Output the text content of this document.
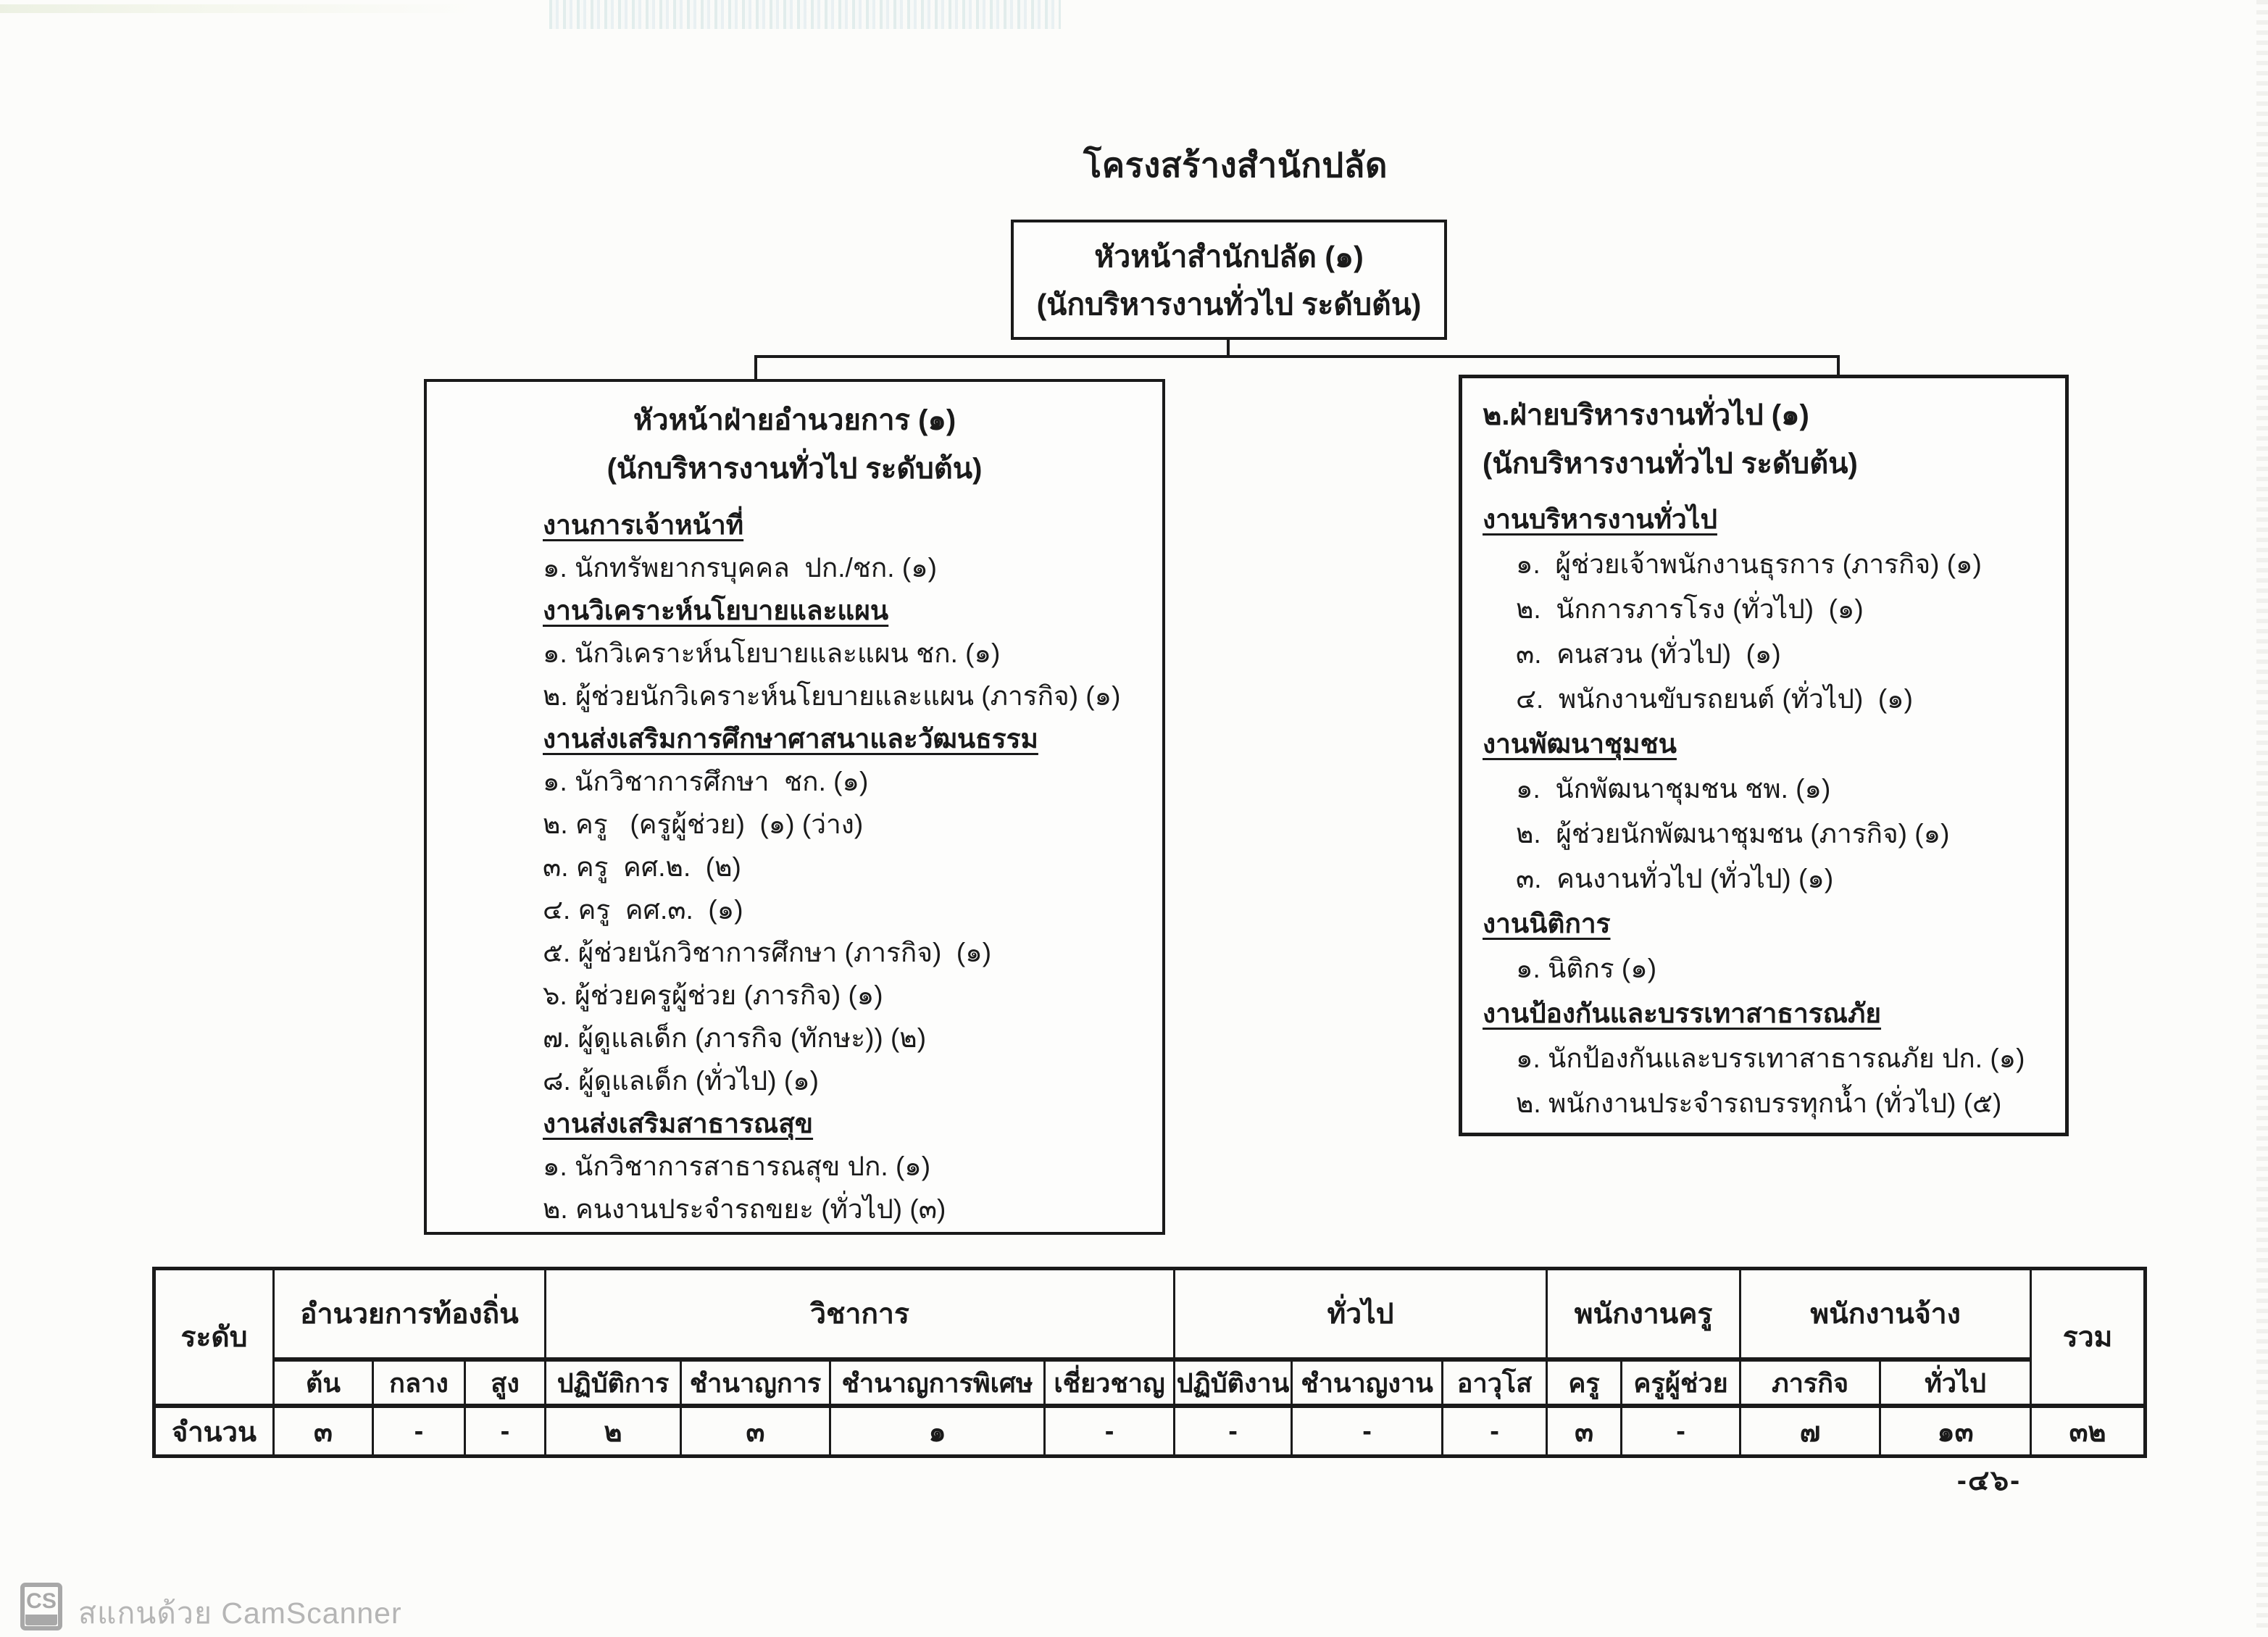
โครงสร้างสำนักปลัด
หัวหน้าสำนักปลัด (๑)
(นักบริหารงานทั่วไป ระดับต้น)
หัวหน้าฝ่ายอำนวยการ (๑)
(นักบริหารงานทั่วไป ระดับต้น)
งานการเจ้าหน้าที่
๑. นักทรัพยากรบุคคล  ปก./ชก. (๑)
งานวิเคราะห์นโยบายและแผน
๑. นักวิเคราะห์นโยบายและแผน ชก. (๑)
๒. ผู้ช่วยนักวิเคราะห์นโยบายและแผน (ภารกิจ) (๑)
งานส่งเสริมการศึกษาศาสนาและวัฒนธรรม
๑. นักวิชาการศึกษา  ชก. (๑)
๒. ครู   (ครูผู้ช่วย)  (๑) (ว่าง)
๓. ครู  คศ.๒.  (๒)
๔. ครู  คศ.๓.  (๑)
๕. ผู้ช่วยนักวิชาการศึกษา (ภารกิจ)  (๑)
๖. ผู้ช่วยครูผู้ช่วย (ภารกิจ) (๑)
๗. ผู้ดูแลเด็ก (ภารกิจ (ทักษะ)) (๒)
๘. ผู้ดูแลเด็ก (ทั่วไป) (๑)
งานส่งเสริมสาธารณสุข
๑. นักวิชาการสาธารณสุข ปก. (๑)
๒. คนงานประจำรถขยะ (ทั่วไป) (๓)
๒.ฝ่ายบริหารงานทั่วไป (๑)
(นักบริหารงานทั่วไป ระดับต้น)
งานบริหารงานทั่วไป
๑.  ผู้ช่วยเจ้าพนักงานธุรการ (ภารกิจ) (๑)
๒.  นักการภารโรง (ทั่วไป)  (๑)
๓.  คนสวน (ทั่วไป)  (๑)
๔.  พนักงานขับรถยนต์ (ทั่วไป)  (๑)
งานพัฒนาชุมชน
๑.  นักพัฒนาชุมชน ชพ. (๑)
๒.  ผู้ช่วยนักพัฒนาชุมชน (ภารกิจ) (๑)
๓.  คนงานทั่วไป (ทั่วไป) (๑)
งานนิติการ
๑. นิติกร (๑)
งานป้องกันและบรรเทาสาธารณภัย
๑. นักป้องกันและบรรเทาสาธารณภัย ปก. (๑)
๒. พนักงานประจำรถบรรทุกน้ำ (ทั่วไป) (๕)
ระดับ	อำนวยการท้องถิ่น			วิชาการ				ทั่วไป			พนักงานครู		พนักงานจ้าง		รวม
	ต้น	กลาง	สูง	ปฏิบัติการ	ชำนาญการ	ชำนาญการพิเศษ	เชี่ยวชาญ	ปฏิบัติงาน	ชำนาญงาน	อาวุโส	ครู	ครูผู้ช่วย	ภารกิจ	ทั่วไป	
จำนวน	๓	-	-	๒	๓	๑	-	-	-	-	๓	-	๗	๑๓	๓๒
-๔๖-
CS สแกนด้วย CamScanner
